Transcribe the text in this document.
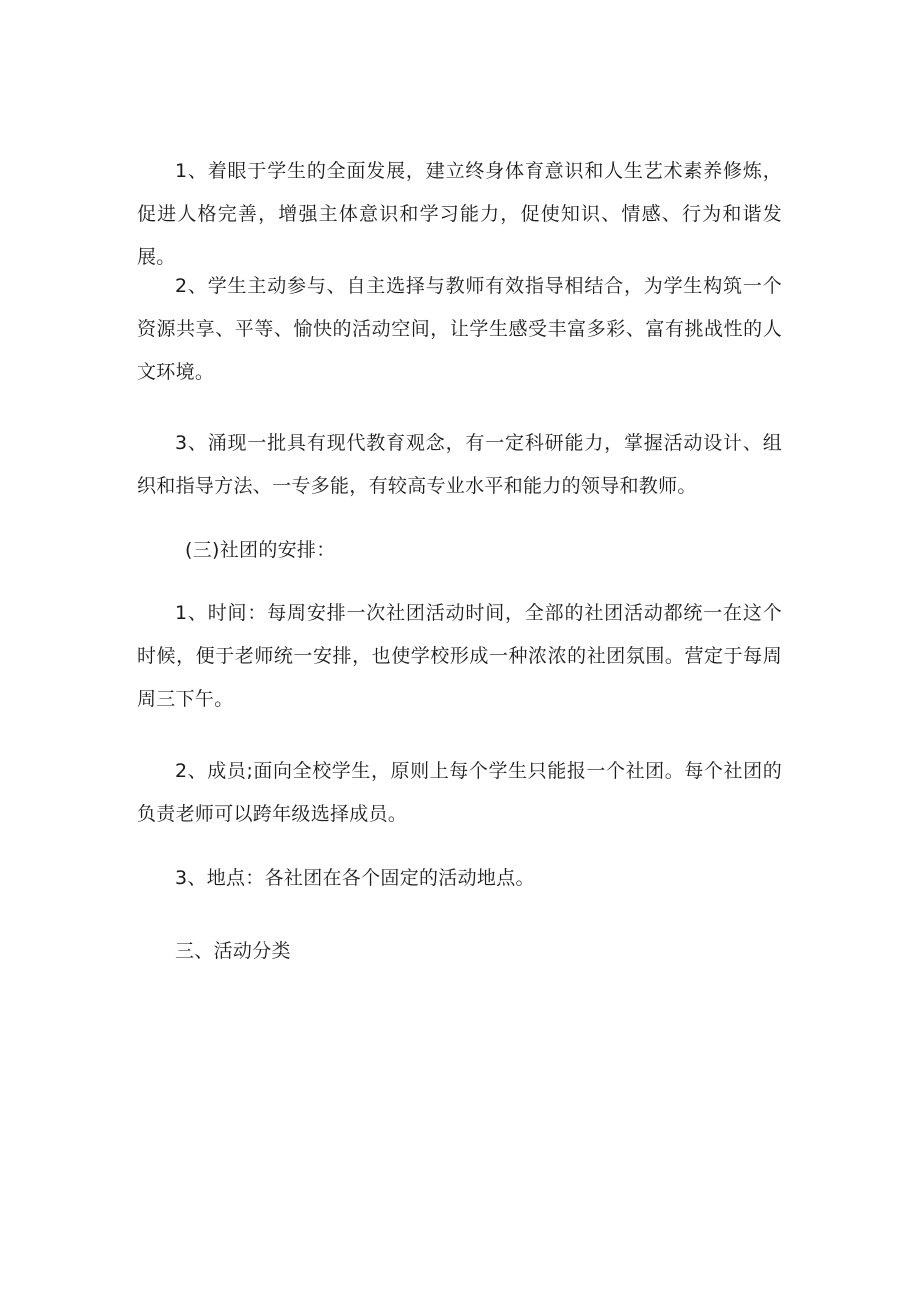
1、着眼于学生的全面发展，建立终身体育意识和人生艺术素养修炼，促进人格完善，增强主体意识和学习能力，促使知识、情感、行为和谐发展。

2、学生主动参与、自主选择与教师有效指导相结合，为学生构筑一个资源共享、平等、愉快的活动空间，让学生感受丰富多彩、富有挑战性的人文环境。

3、涌现一批具有现代教育观念，有一定科研能力，掌握活动设计、组织和指导方法、一专多能，有较高专业水平和能力的领导和教师。

(三)社团的安排：

1、时间：每周安排一次社团活动时间，全部的社团活动都统一在这个时候，便于老师统一安排，也使学校形成一种浓浓的社团氛围。营定于每周周三下午。

2、成员;面向全校学生，原则上每个学生只能报一个社团。每个社团的负责老师可以跨年级选择成员。

3、地点：各社团在各个固定的活动地点。

三、活动分类
